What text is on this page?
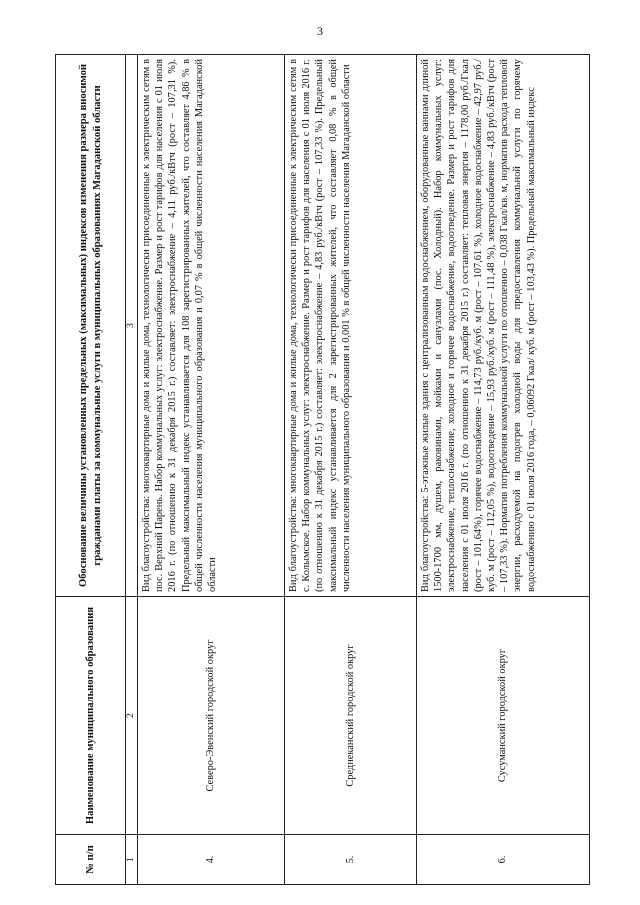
3
№ п/п	Наименование муниципального образования	Обоснование величины установленных предельных (максимальных) индексов изменения размера вносимой гражданами платы за коммунальные услуги в муниципальных образованиях Магаданской области
1	2	3
4.	Северо-Эвенский городской округ	Вид благоустройства: многоквартирные дома и жилые дома, технологически присоединенные к электрическим сетям в пос. Верхний Парень. Набор коммунальных услуг: электроснабжение. Размер и рост тарифов для населения с 01 июля 2016 г. (по отношению к 31 декабря 2015 г.) составляет: электроснабжение – 4,11 руб./кВтч (рост – 107,31 %). Предельный максимальный индекс устанавливается для 108 зарегистрированных жителей, что составляет 4,86 % в общей численности населения муниципального образования и 0,07 % в общей численности населения Магаданской области
5.	Среднеканский городской округ	Вид благоустройства: многоквартирные дома и жилые дома, технологически присоединенные к электрическим сетям в с. Колымское. Набор коммунальных услуг: электроснабжение. Размер и рост тарифов для населения с 01 июля 2016 г. (по отношению к 31 декабря 2015 г.) составляет: электроснабжение – 4,83 руб./кВтч (рост – 107,33 %). Предельный максимальный индекс устанавливается для 2 зарегистрированных жителей, что составляет 0,08 % в общей численности населения муниципального образования и 0,001 % в общей численности населения Магаданской области
6.	Сусуманский городской округ	Вид благоустройства: 5-этажные жилые здания с централизованным водоснабжением, оборудованные ваннами длиной 1500-1700 мм, душем, раковинами, мойками и санузлами (пос. Холодный). Набор коммунальных услуг: электроснабжение, теплоснабжение, холодное и горячее водоснабжение, водоотведение. Размер и рост тарифов для населения с 01 июля 2016 г. (по отношению к 31 декабря 2015 г.) составляет: тепловая энергия – 1178,00 руб./Гкал (рост – 101,64%), горячее водоснабжение – 114,73 руб./куб. м (рост – 107,61 %), холодное водоснабжение – 42,97 руб./куб. м (рост – 112,05 %), водоотведение – 15,93 руб./куб. м (рост – 111,48 %), электроснабжение – 4,83 руб./кВтч (рост – 107,33 %). Норматив потребления коммунальной услуги по отоплению – 0,038 Гкал/кв. м, норматив расхода тепловой энергии, расходуемой на подогрев холодной воды для предоставления коммунальной услуги по горячему водоснабжению с 01 июля 2016 года, – 0,06092 Гкал/ куб. м (рост – 103,43 %). Предельный максимальный индекс
